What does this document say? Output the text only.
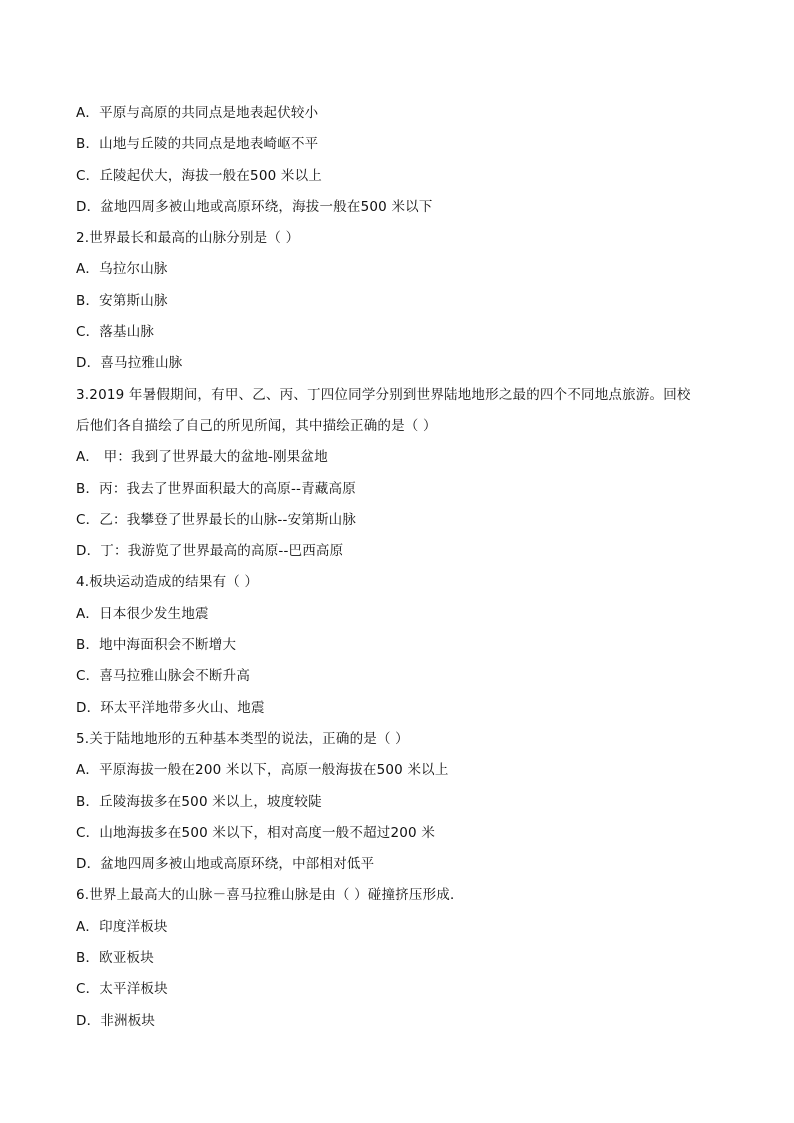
A．平原与高原的共同点是地表起伏较小
B．山地与丘陵的共同点是地表崎岖不平
C．丘陵起伏大，海拔一般在500 米以上
D．盆地四周多被山地或高原环绕，海拔一般在500 米以下
2.世界最长和最高的山脉分别是（ ）
A．乌拉尔山脉
B．安第斯山脉
C．落基山脉
D．喜马拉雅山脉
3.2019 年暑假期间，有甲、乙、丙、丁四位同学分别到世界陆地地形之最的四个不同地点旅游。回校
后他们各自描绘了自己的所见所闻，其中描绘正确的是（ ）
A． 甲：我到了世界最大的盆地-刚果盆地
B．丙：我去了世界面积最大的高原--青藏高原
C．乙：我攀登了世界最长的山脉--安第斯山脉
D．丁：我游览了世界最高的高原--巴西高原
4.板块运动造成的结果有（ ）
A．日本很少发生地震
B．地中海面积会不断增大
C．喜马拉雅山脉会不断升高
D．环太平洋地带多火山、地震
5.关于陆地地形的五种基本类型的说法，正确的是（ ）
A．平原海拔一般在200 米以下，高原一般海拔在500 米以上
B．丘陵海拔多在500 米以上，坡度较陡
C．山地海拔多在500 米以下，相对高度一般不超过200 米
D．盆地四周多被山地或高原环绕，中部相对低平
6.世界上最高大的山脉－喜马拉雅山脉是由（ ）碰撞挤压形成．
A．印度洋板块
B．欧亚板块
C．太平洋板块
D．非洲板块
